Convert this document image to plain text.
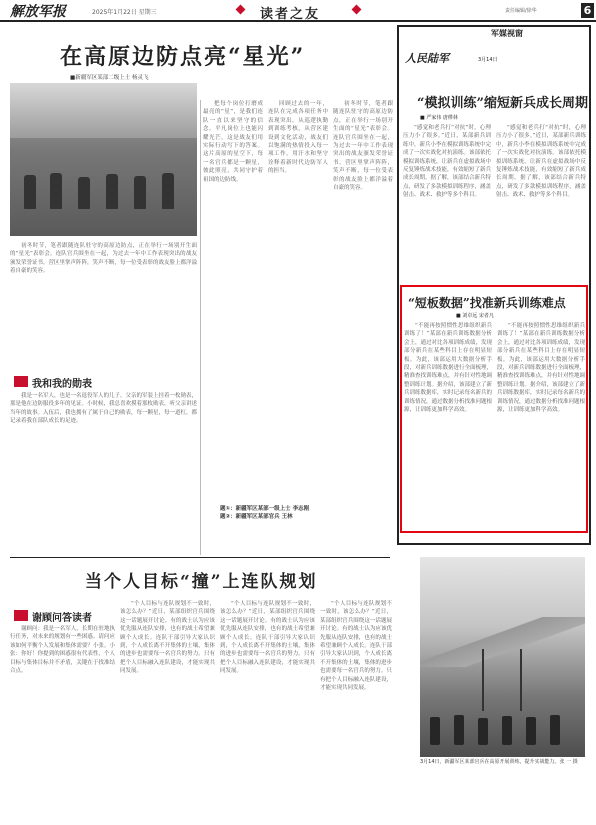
解放军报	2025年1月22日 星期三	读者之友	责任编辑/徐华	6
在高原边防点亮“星光”
■新疆军区某部二级上士 杨灵飞

把每个岗位打磨成最亮的“星”，是我们连队一直以来坚守的信念。平凡岗位上也能闪耀光芒，这是战友们用实际行动写下的答案。这片高原的星空下，每一名官兵都是一颗星，彼此照亮，共同守护着祖国的边防线。

回顾过去的一年，连队在完成各项任务中表现突出。从巡逻执勤到训练考核，从营区建设到文化活动，战友们以饱满的热情投入每一项工作，用汗水和坚守诠释着新时代边防军人的担当。

初冬时节，笔者跟随连队驻守的高原边防点，正在举行一场别开生面的“星光”表彰会。连队官兵围坐在一起，为过去一年中工作表现突出的战友颁发荣誉证书。营区里掌声阵阵，笑声不断，每一位受表彰的战友脸上都洋溢着自豪的笑容。

初冬时节，笔者跟随连队驻守的高原边防点，正在举行一场别开生面的“星光”表彰会。连队官兵围坐在一起，为过去一年中工作表现突出的战友颁发荣誉证书。营区里掌声阵阵，笑声不断，每一位受表彰的战友脸上都洋溢着自豪的笑容。

我和我的勋表

我是一名军人，也是一名退役军人的儿子。父亲的军装上挂着一枚勋表，那是他在边防服役多年的见证。小时候，我总喜欢摸着那枚勋表，听父亲讲述当年的故事。入伍后，我也拥有了属于自己的勋表，每一颗星，每一道杠，都记录着我在部队成长的足迹。

题①：新疆军区某部一级上士 李志刚

题②：新疆军区某部官兵 王林

当个人目标“撞”上连队规划

“个人目标与连队规划不一致时，该怎么办？”近日，某部组织官兵围绕这一话题展开讨论。有的战士认为应该优先服从连队安排，也有的战士希望兼顾个人成长。连队干部引导大家认识到，个人成长离不开集体的土壤，集体的进步也需要每一名官兵的努力。只有把个人目标融入连队建设，才能实现共同发展。

“个人目标与连队规划不一致时，该怎么办？”近日，某部组织官兵围绕这一话题展开讨论。有的战士认为应该优先服从连队安排，也有的战士希望兼顾个人成长。连队干部引导大家认识到，个人成长离不开集体的土壤，集体的进步也需要每一名官兵的努力。只有把个人目标融入连队建设，才能实现共同发展。

“个人目标与连队规划不一致时，该怎么办？”近日，某部组织官兵围绕这一话题展开讨论。有的战士认为应该优先服从连队安排，也有的战士希望兼顾个人成长。连队干部引导大家认识到，个人成长离不开集体的土壤，集体的进步也需要每一名官兵的努力。只有把个人目标融入连队建设，才能实现共同发展。

谢顾问答读者

谢顾问：我是一名军人，长期在驻地执行任务，对未来的规划有一些困惑。请问应该如何平衡个人发展和集体需要？小张。小张：你好！你提到的困惑很有代表性，个人目标与集体目标并不矛盾，关键在于找准结合点。

军媒视窗
人民陆军	3月14日
“模拟训练”缩短新兵成长周期
■ 严家伟 唐桦林

“感觉和老兵打“对抗”时，心理压力小了很多。”近日，某部新兵训练中，新兵小李在模拟训练系统中完成了一次实战化对抗演练。该部依托模拟训练系统，让新兵在虚拟战场中反复锤炼战术技能，有效缩短了新兵成长周期。据了解，该部结合新兵特点，研发了多款模拟训练程序，涵盖射击、战术、救护等多个科目。

“感觉和老兵打“对抗”时，心理压力小了很多。”近日，某部新兵训练中，新兵小李在模拟训练系统中完成了一次实战化对抗演练。该部依托模拟训练系统，让新兵在虚拟战场中反复锤炼战术技能，有效缩短了新兵成长周期。据了解，该部结合新兵特点，研发了多款模拟训练程序，涵盖射击、战术、救护等多个科目。

“短板数据”找准新兵训练难点
■ 刘卓远 宋者凡

“不能再按照惯性思维组织新兵训练了！”某部在新兵训练数据分析会上，通过对比各项训练成绩，发现部分新兵在某些科目上存在明显短板。为此，该部运用大数据分析手段，对新兵训练数据进行全面梳理，精准查找训练难点，并有针对性地调整训练计划。据介绍，该部建立了新兵训练数据库，实时记录每名新兵的训练情况，通过数据分析找准问题根源，让训练更加科学高效。

“不能再按照惯性思维组织新兵训练了！”某部在新兵训练数据分析会上，通过对比各项训练成绩，发现部分新兵在某些科目上存在明显短板。为此，该部运用大数据分析手段，对新兵训练数据进行全面梳理，精准查找训练难点，并有针对性地调整训练计划。据介绍，该部建立了新兵训练数据库，实时记录每名新兵的训练情况，通过数据分析找准问题根源，让训练更加科学高效。

3月14日，新疆军区某部官兵在高原开展训练，提升实战能力。张 一 摄
